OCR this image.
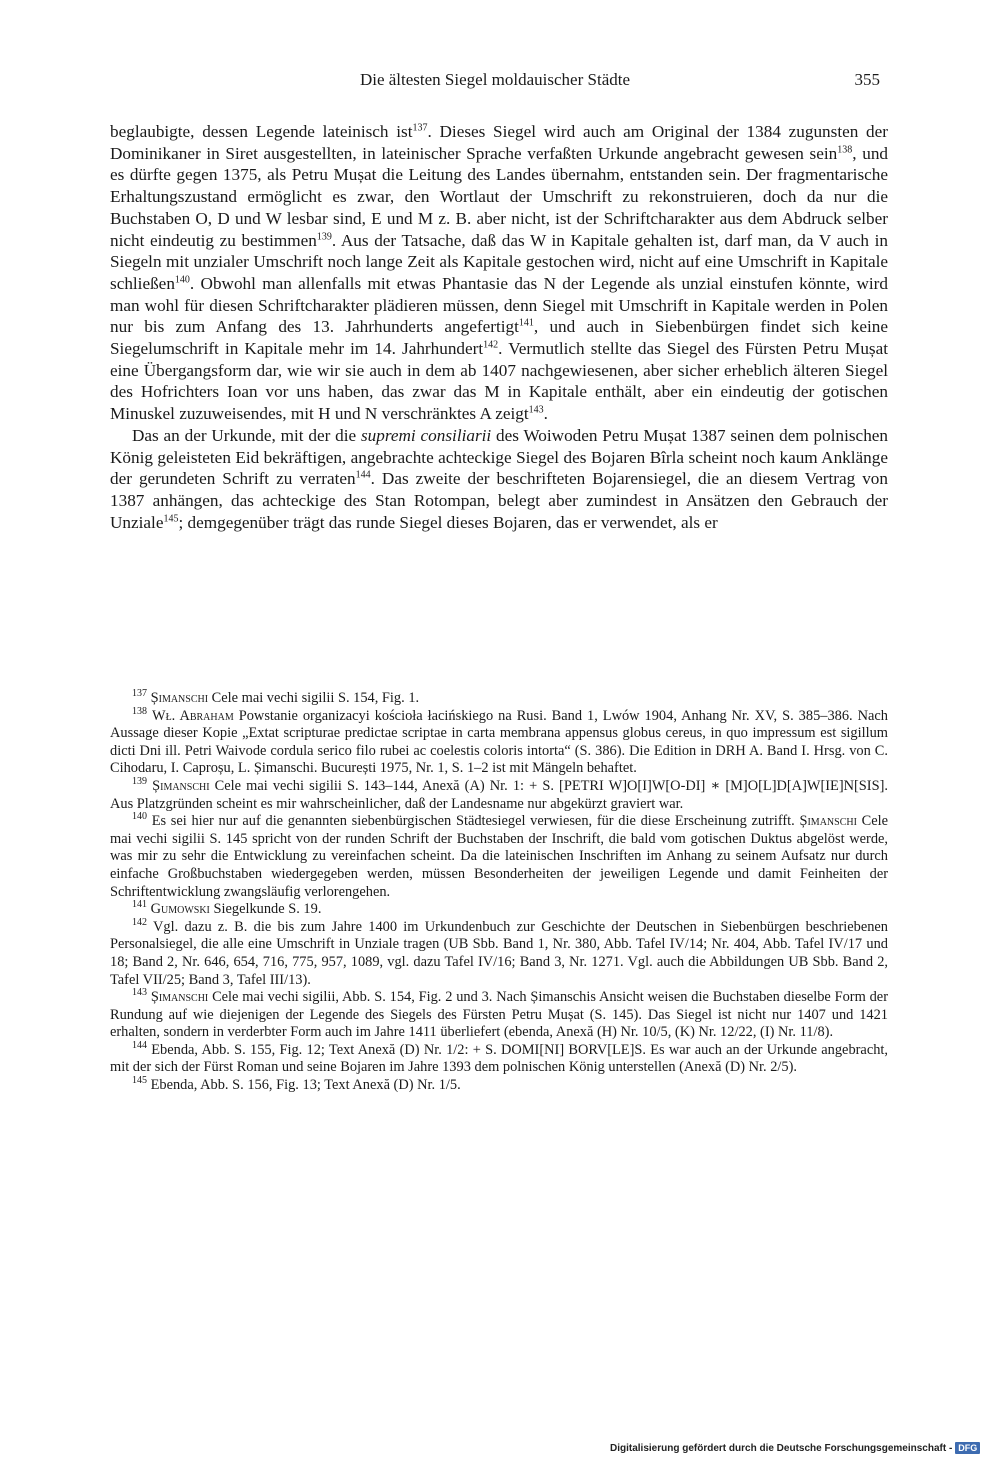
Die ältesten Siegel moldauischer Städte	355

beglaubigte, dessen Legende lateinisch ist$^{137}$. Dieses Siegel wird auch am Original der 1384 zugunsten der Dominikaner in Siret ausgestellten, in lateinischer Sprache verfaßten Urkunde angebracht gewesen sein$^{138}$, und es dürfte gegen 1375, als Petru Mușat die Leitung des Landes übernahm, entstanden sein. Der fragmentarische Erhaltungszustand ermöglicht es zwar, den Wortlaut der Umschrift zu rekonstruieren, doch da nur die Buchstaben O, D und W lesbar sind, E und M z. B. aber nicht, ist der Schriftcharakter aus dem Abdruck selber nicht eindeutig zu bestimmen$^{139}$. Aus der Tatsache, daß das W in Kapitale gehalten ist, darf man, da V auch in Siegeln mit unzialer Umschrift noch lange Zeit als Kapitale gestochen wird, nicht auf eine Umschrift in Kapitale schließen$^{140}$. Obwohl man allenfalls mit etwas Phantasie das N der Legende als unzial einstufen könnte, wird man wohl für diesen Schriftcharakter plädieren müssen, denn Siegel mit Umschrift in Kapitale werden in Polen nur bis zum Anfang des 13. Jahrhunderts angefertigt$^{141}$, und auch in Siebenbürgen findet sich keine Siegelumschrift in Kapitale mehr im 14. Jahrhundert$^{142}$. Vermutlich stellte das Siegel des Fürsten Petru Mușat eine Übergangsform dar, wie wir sie auch in dem ab 1407 nachgewiesenen, aber sicher erheblich älteren Siegel des Hofrichters Ioan vor uns haben, das zwar das M in Kapitale enthält, aber ein eindeutig der gotischen Minuskel zuzuweisendes, mit H und N verschränktes A zeigt$^{143}$.

Das an der Urkunde, mit der die supremi consiliarii des Woiwoden Petru Mușat 1387 seinen dem polnischen König geleisteten Eid bekräftigen, angebrachte achteckige Siegel des Bojaren Bîrla scheint noch kaum Anklänge der gerundeten Schrift zu verraten$^{144}$. Das zweite der beschrifteten Bojarensiegel, die an diesem Vertrag von 1387 anhängen, das achteckige des Stan Rotompan, belegt aber zumindest in Ansätzen den Gebrauch der Unziale$^{145}$; demgegenüber trägt das runde Siegel dieses Bojaren, das er verwendet, als er

$^{137}$ Șimanschi Cele mai vechi sigilii S. 154, Fig. 1.

$^{138}$ Wł. Abraham Powstanie organizacyi kościoła łacińskiego na Rusi. Band 1, Lwów 1904, Anhang Nr. XV, S. 385–386. Nach Aussage dieser Kopie „Extat scripturae predictae scriptae in carta membrana appensus globus cereus, in quo impressum est sigillum dicti Dni ill. Petri Waivode cordula serico filo rubei ac coelestis coloris intorta“ (S. 386). Die Edition in DRH A. Band I. Hrsg. von C. Cihodaru, I. Caproșu, L. Șimanschi. București 1975, Nr. 1, S. 1–2 ist mit Mängeln behaftet.

$^{139}$ Șimanschi Cele mai vechi sigilii S. 143–144, Anexă (A) Nr. 1: + S. [PETRI W]O[I]W[O-DI] ∗ [M]O[L]D[A]W[IE]N[SIS]. Aus Platzgründen scheint es mir wahrscheinlicher, daß der Landesname nur abgekürzt graviert war.

$^{140}$ Es sei hier nur auf die genannten siebenbürgischen Städtesiegel verwiesen, für die diese Erscheinung zutrifft. Șimanschi Cele mai vechi sigilii S. 145 spricht von der runden Schrift der Buchstaben der Inschrift, die bald vom gotischen Duktus abgelöst werde, was mir zu sehr die Entwicklung zu vereinfachen scheint. Da die lateinischen Inschriften im Anhang zu seinem Aufsatz nur durch einfache Großbuchstaben wiedergegeben werden, müssen Besonderheiten der jeweiligen Legende und damit Feinheiten der Schriftentwicklung zwangsläufig verlorengehen.

$^{141}$ Gumowski Siegelkunde S. 19.

$^{142}$ Vgl. dazu z. B. die bis zum Jahre 1400 im Urkundenbuch zur Geschichte der Deutschen in Siebenbürgen beschriebenen Personalsiegel, die alle eine Umschrift in Unziale tragen (UB Sbb. Band 1, Nr. 380, Abb. Tafel IV/14; Nr. 404, Abb. Tafel IV/17 und 18; Band 2, Nr. 646, 654, 716, 775, 957, 1089, vgl. dazu Tafel IV/16; Band 3, Nr. 1271. Vgl. auch die Abbildungen UB Sbb. Band 2, Tafel VII/25; Band 3, Tafel III/13).

$^{143}$ Șimanschi Cele mai vechi sigilii, Abb. S. 154, Fig. 2 und 3. Nach Șimanschis Ansicht weisen die Buchstaben dieselbe Form der Rundung auf wie diejenigen der Legende des Siegels des Fürsten Petru Mușat (S. 145). Das Siegel ist nicht nur 1407 und 1421 erhalten, sondern in verderbter Form auch im Jahre 1411 überliefert (ebenda, Anexă (H) Nr. 10/5, (K) Nr. 12/22, (I) Nr. 11/8).

$^{144}$ Ebenda, Abb. S. 155, Fig. 12; Text Anexă (D) Nr. 1/2: + S. DOMI[NI] BORV[LE]S. Es war auch an der Urkunde angebracht, mit der sich der Fürst Roman und seine Bojaren im Jahre 1393 dem polnischen König unterstellen (Anexă (D) Nr. 2/5).

$^{145}$ Ebenda, Abb. S. 156, Fig. 13; Text Anexă (D) Nr. 1/5.

Digitalisierung gefördert durch die Deutsche Forschungsgemeinschaft - DFG
